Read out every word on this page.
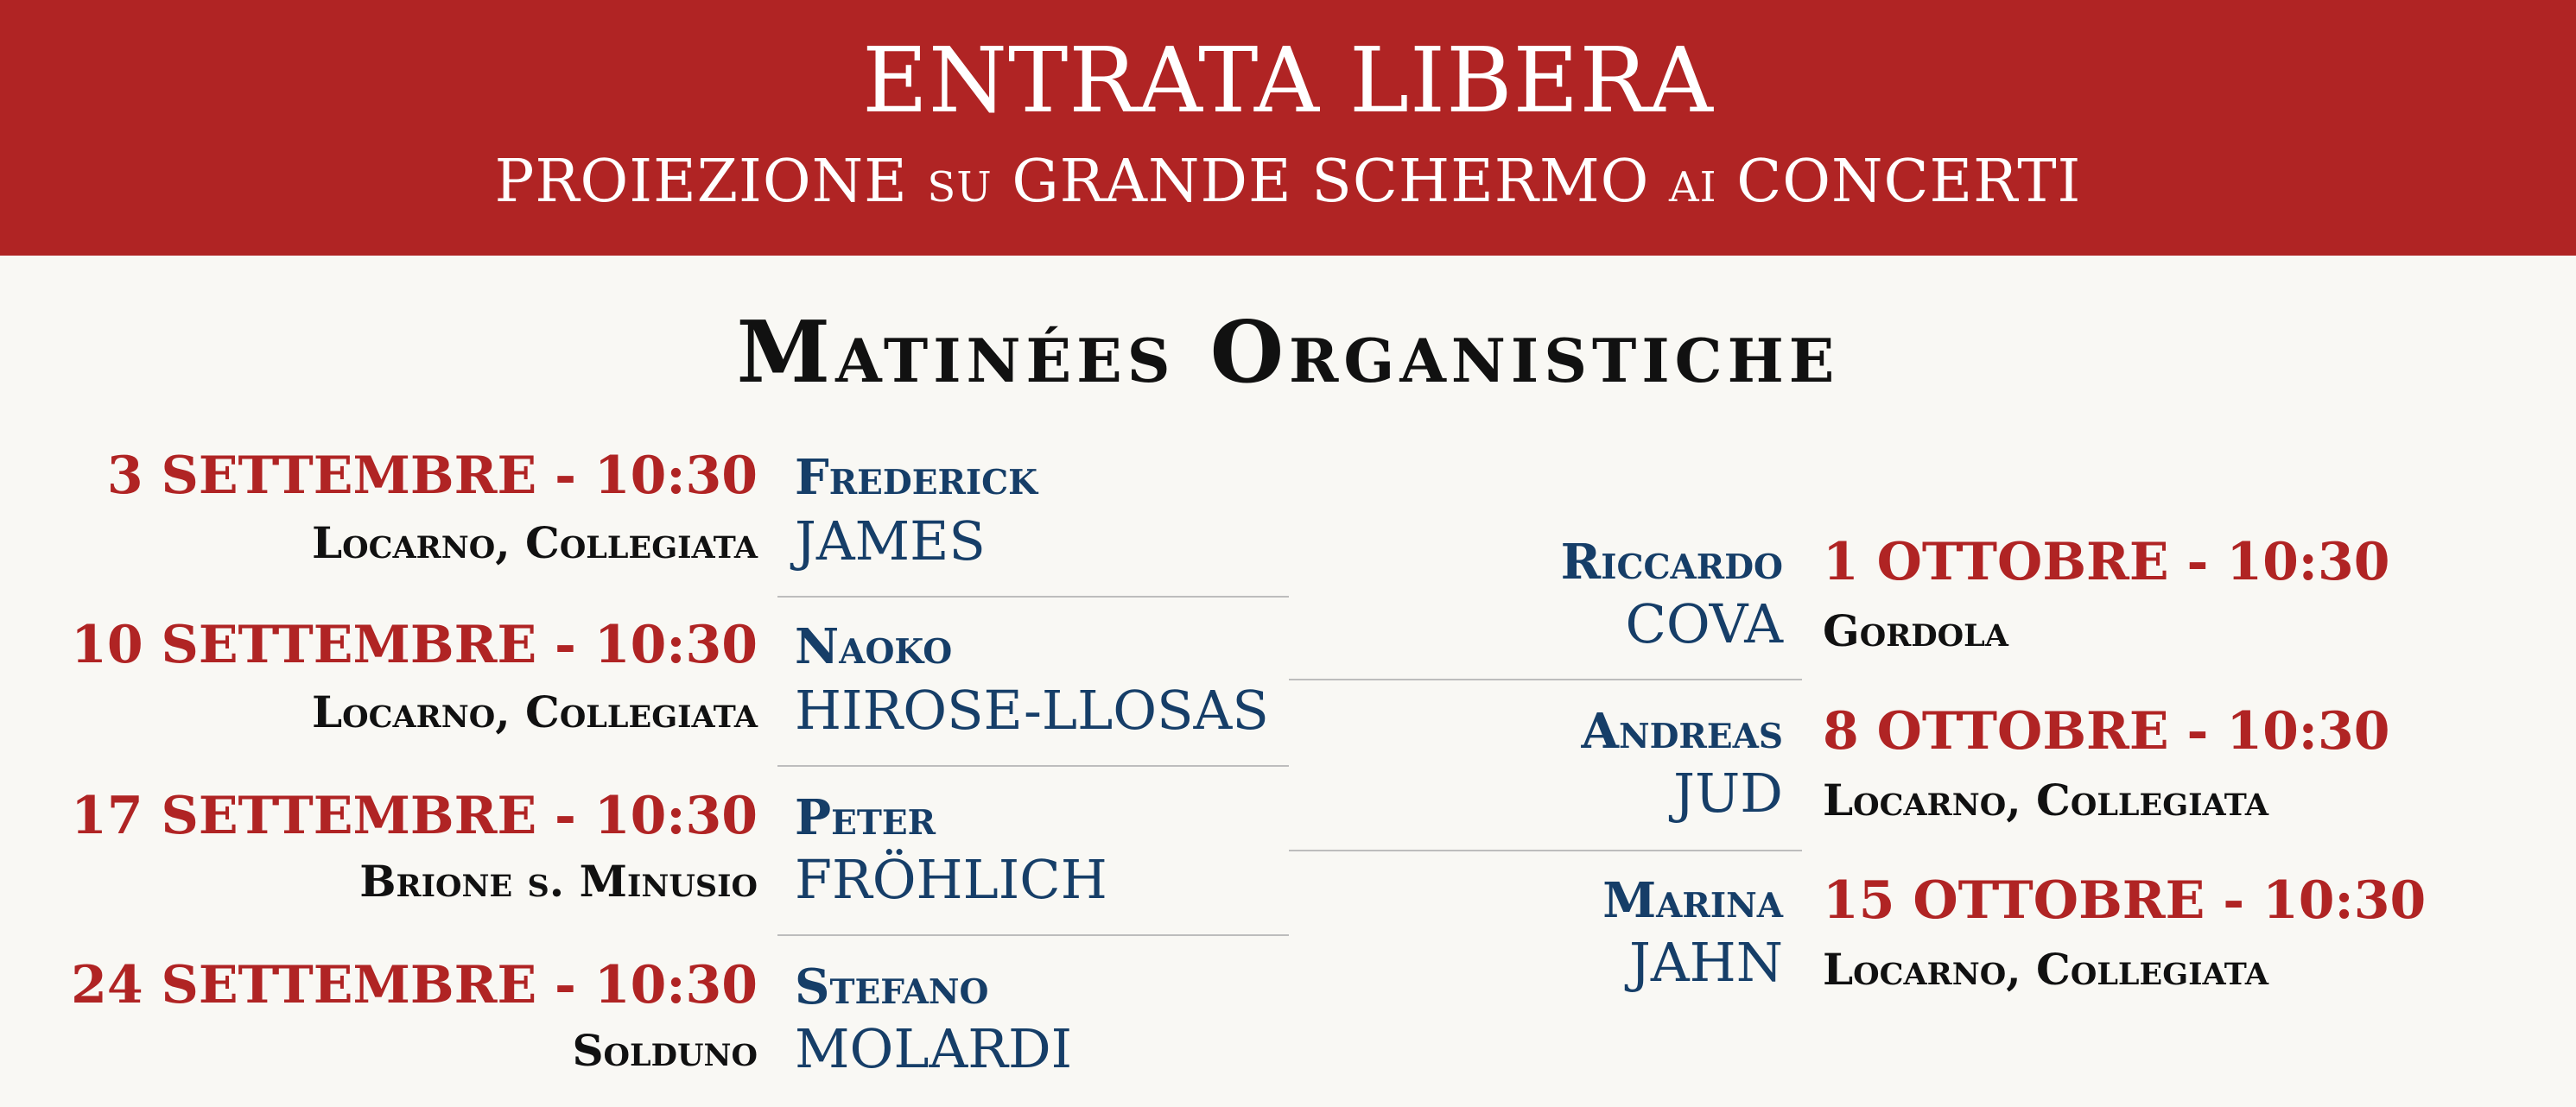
ENTRATA LIBERA
PROIEZIONE su GRANDE SCHERMO ai CONCERTI
Matinées Organistiche
3 SETTEMBRE - 10:30
Locarno, Collegiata
Frederick
JAMES
10 SETTEMBRE - 10:30
Locarno, Collegiata
Naoko
HIROSE-LLOSAS
17 SETTEMBRE - 10:30
Brione s. Minusio
Peter
FRÖHLICH
24 SETTEMBRE - 10:30
Solduno
Stefano
MOLARDI
Riccardo
COVA
1 OTTOBRE - 10:30
Gordola
Andreas
JUD
8 OTTOBRE - 10:30
Locarno, Collegiata
Marina
JAHN
15 OTTOBRE - 10:30
Locarno, Collegiata
